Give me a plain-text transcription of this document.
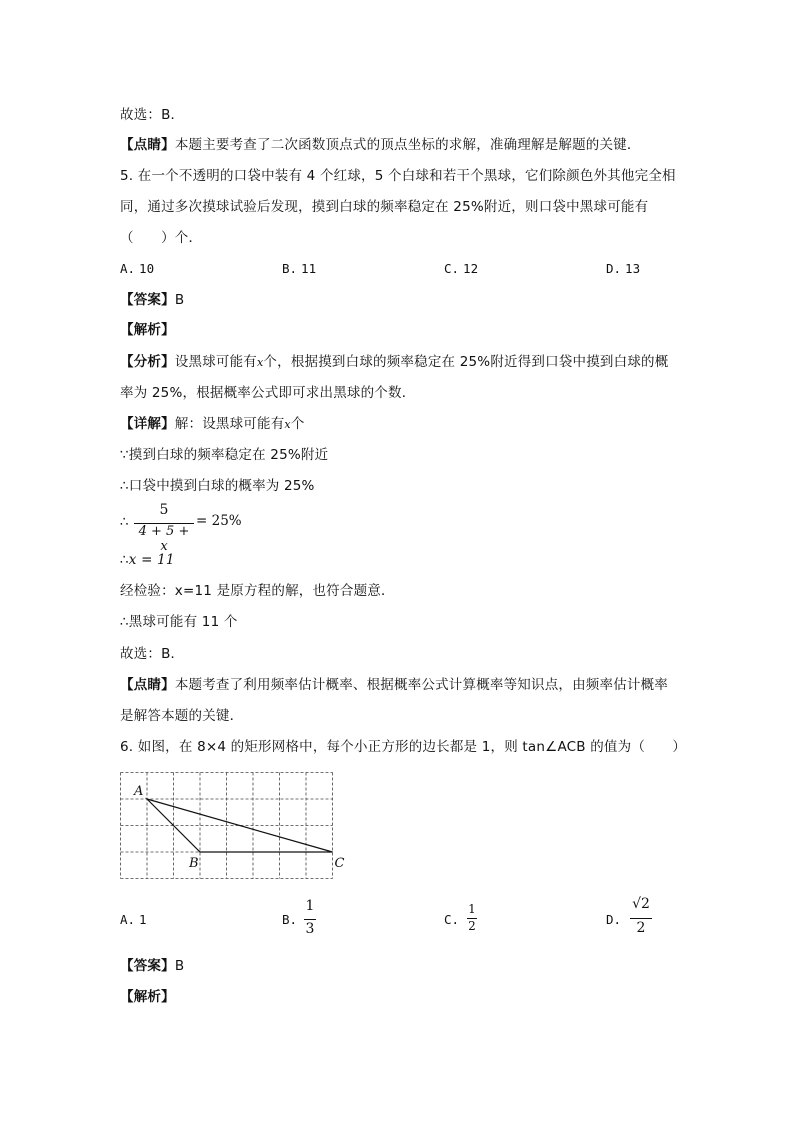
故选：B．
【点睛】本题主要考查了二次函数顶点式的顶点坐标的求解，准确理解是解题的关键．
5. 在一个不透明的口袋中装有 4 个红球，5 个白球和若干个黑球，它们除颜色外其他完全相
同，通过多次摸球试验后发现，摸到白球的频率稳定在 25%附近，则口袋中黑球可能有
（　　）个．
A. 10	B. 11	C. 12	D. 13
【答案】B
【解析】
【分析】设黑球可能有x个，根据摸到白球的频率稳定在 25%附近得到口袋中摸到白球的概
率为 25%，根据概率公式即可求出黑球的个数．
【详解】解：设黑球可能有x个
∵摸到白球的频率稳定在 25%附近
∴口袋中摸到白球的概率为 25%
∴
5
4 + 5 + x
= 25%
∴x = 11
经检验：x=11 是原方程的解，也符合题意．
∴黑球可能有 11 个
故选：B．
【点睛】本题考查了利用频率估计概率、根据概率公式计算概率等知识点，由频率估计概率
是解答本题的关键．
6. 如图，在 8×4 的矩形网格中，每个小正方形的边长都是 1，则 tan∠ACB 的值为（　　）
A
B	C
A. 1	B.
1
3
C.
1
2	D.
√2
2
【答案】B
【解析】
